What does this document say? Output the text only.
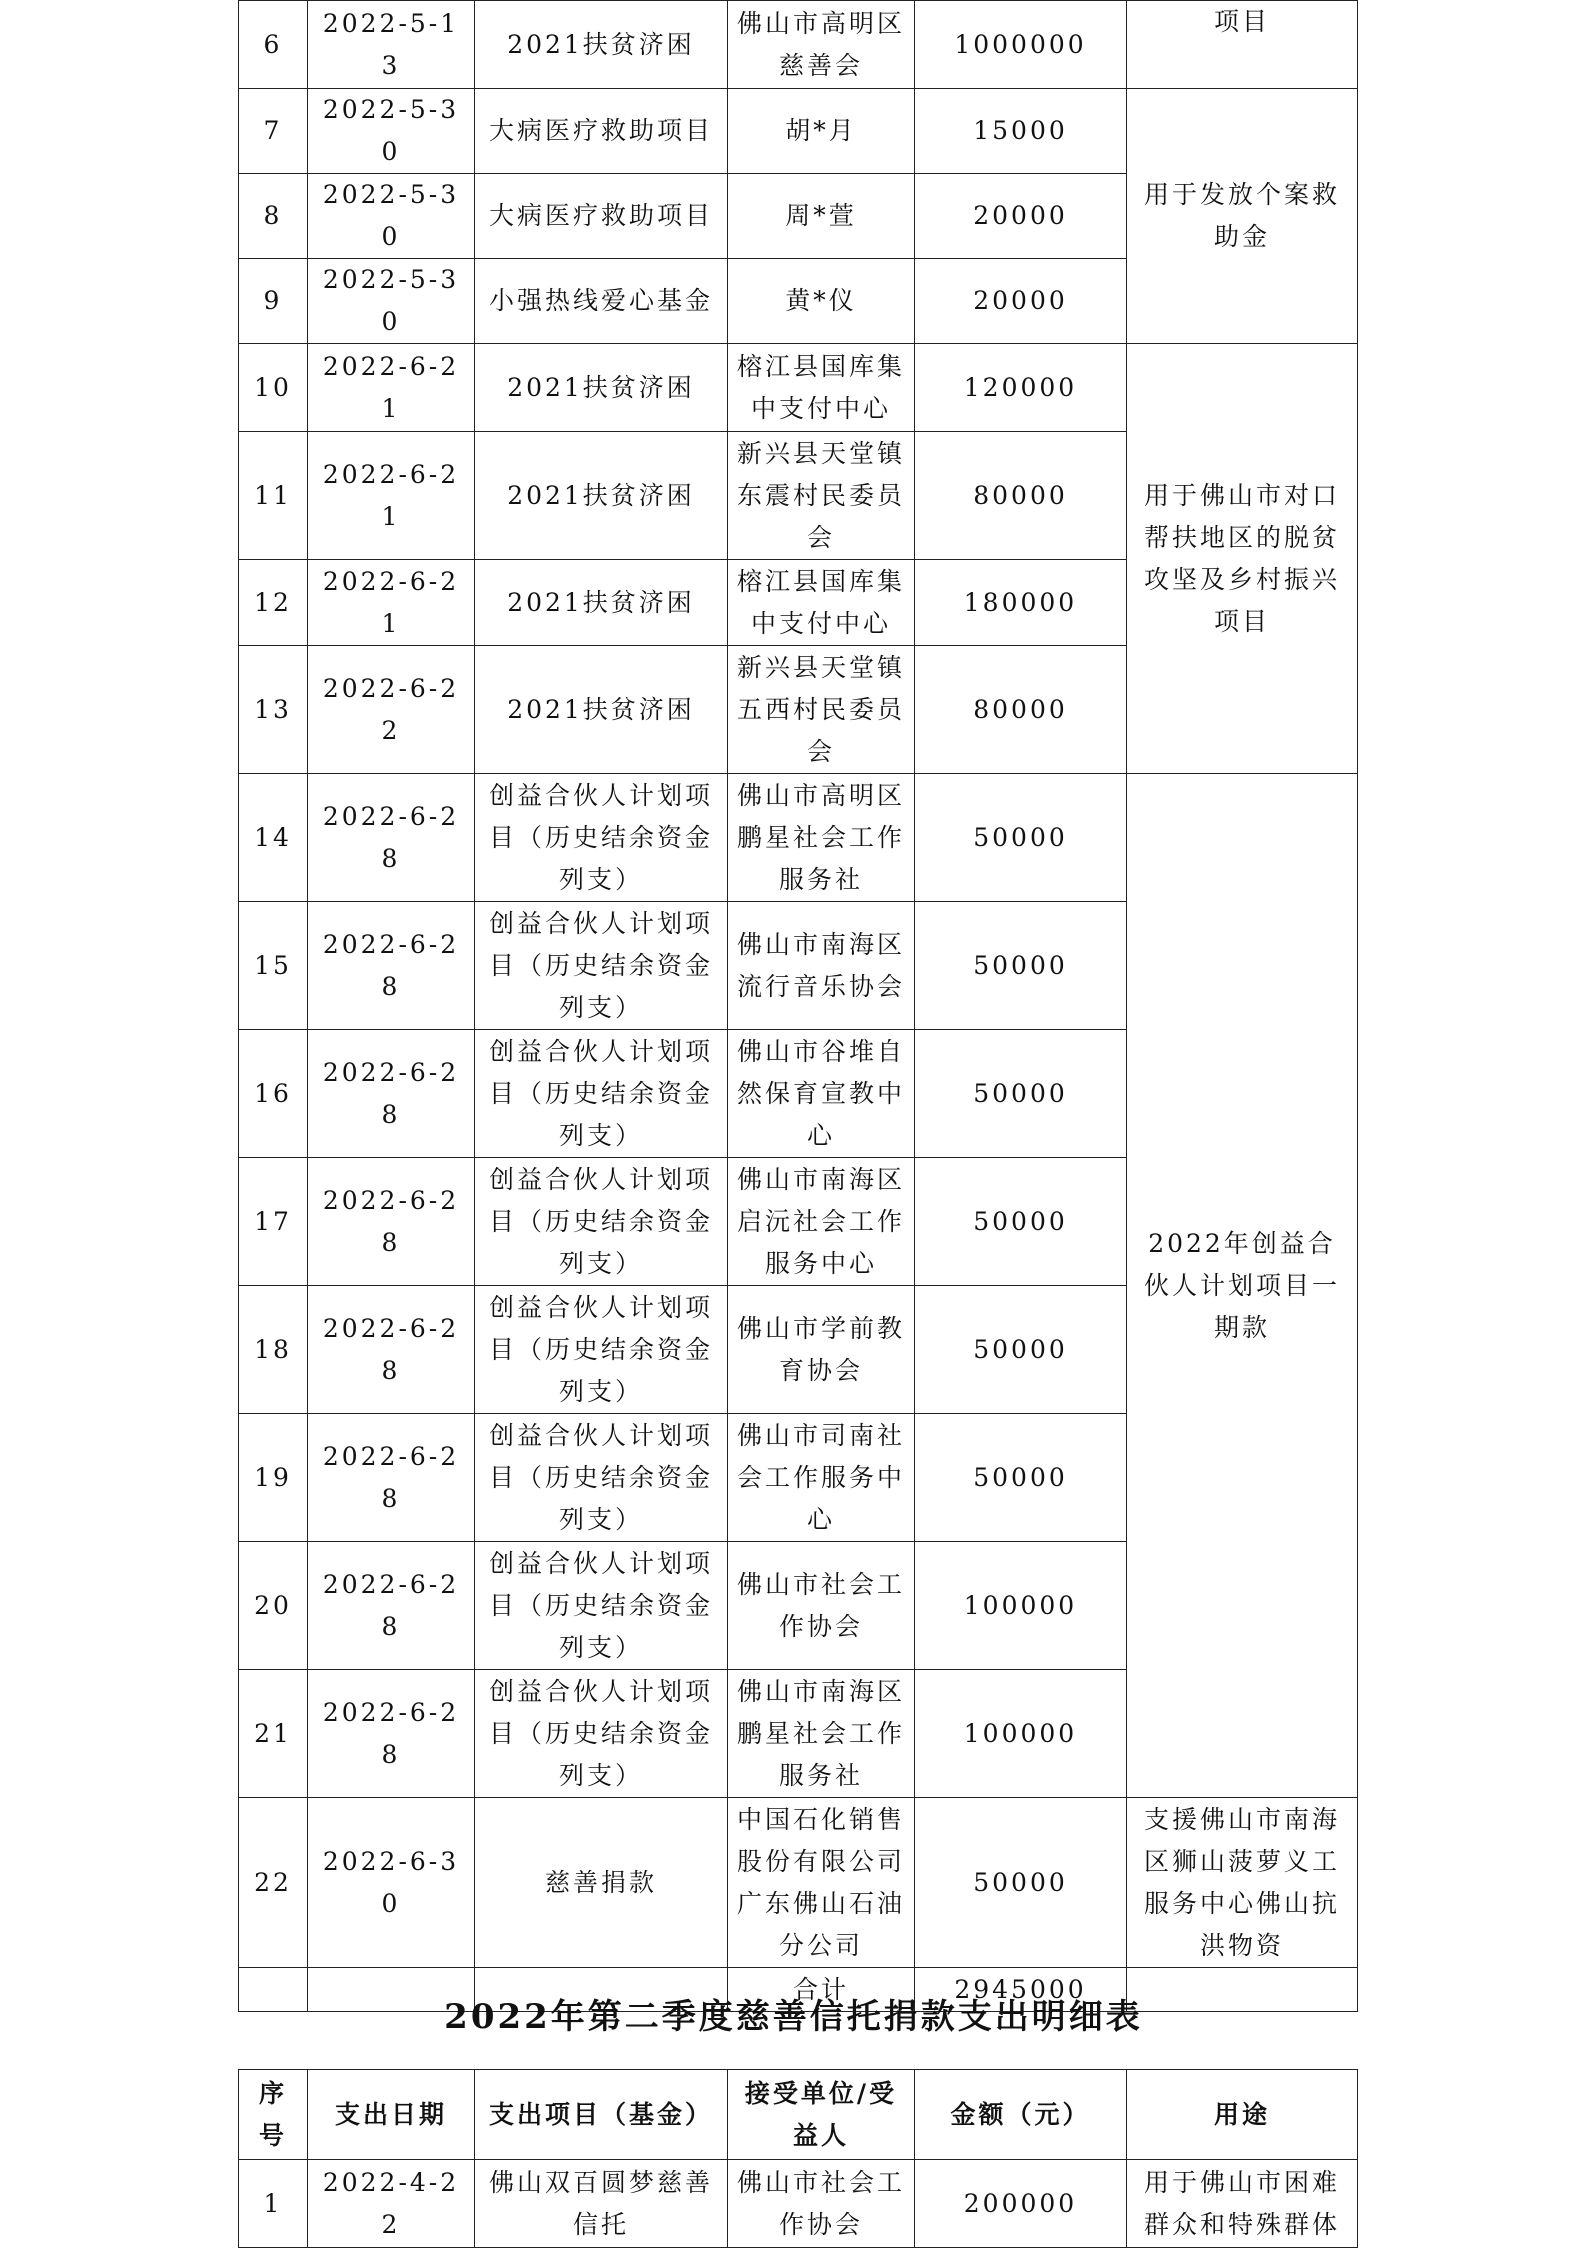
6	2022-5-13	2021扶贫济困	佛山市高明区慈善会	1000000	项目
7	2022-5-30	大病医疗救助项目	胡*月	15000	用于发放个案救助金
8	2022-5-30	大病医疗救助项目	周*萱	20000	
9	2022-5-30	小强热线爱心基金	黄*仪	20000	
10	2022-6-21	2021扶贫济困	榕江县国库集中支付中心	120000	用于佛山市对口帮扶地区的脱贫攻坚及乡村振兴项目
11	2022-6-21	2021扶贫济困	新兴县天堂镇东震村民委员会	80000	
12	2022-6-21	2021扶贫济困	榕江县国库集中支付中心	180000	
13	2022-6-22	2021扶贫济困	新兴县天堂镇五西村民委员会	80000	
14	2022-6-28	创益合伙人计划项目（历史结余资金列支）	佛山市高明区鹏星社会工作服务社	50000	2022年创益合伙人计划项目一期款
15	2022-6-28	创益合伙人计划项目（历史结余资金列支）	佛山市南海区流行音乐协会	50000	
16	2022-6-28	创益合伙人计划项目（历史结余资金列支）	佛山市谷堆自然保育宣教中心	50000	
17	2022-6-28	创益合伙人计划项目（历史结余资金列支）	佛山市南海区启沅社会工作服务中心	50000	
18	2022-6-28	创益合伙人计划项目（历史结余资金列支）	佛山市学前教育协会	50000	
19	2022-6-28	创益合伙人计划项目（历史结余资金列支）	佛山市司南社会工作服务中心	50000	
20	2022-6-28	创益合伙人计划项目（历史结余资金列支）	佛山市社会工作协会	100000	
21	2022-6-28	创益合伙人计划项目（历史结余资金列支）	佛山市南海区鹏星社会工作服务社	100000	
22	2022-6-30	慈善捐款	中国石化销售股份有限公司广东佛山石油分公司	50000	支援佛山市南海区狮山菠萝义工服务中心佛山抗洪物资
			合计	2945000	
2022年第二季度慈善信托捐款支出明细表
序号	支出日期	支出项目（基金）	接受单位/受益人	金额（元）	用途
1	2022-4-22	佛山双百圆梦慈善信托	佛山市社会工作协会	200000	用于佛山市困难群众和特殊群体
